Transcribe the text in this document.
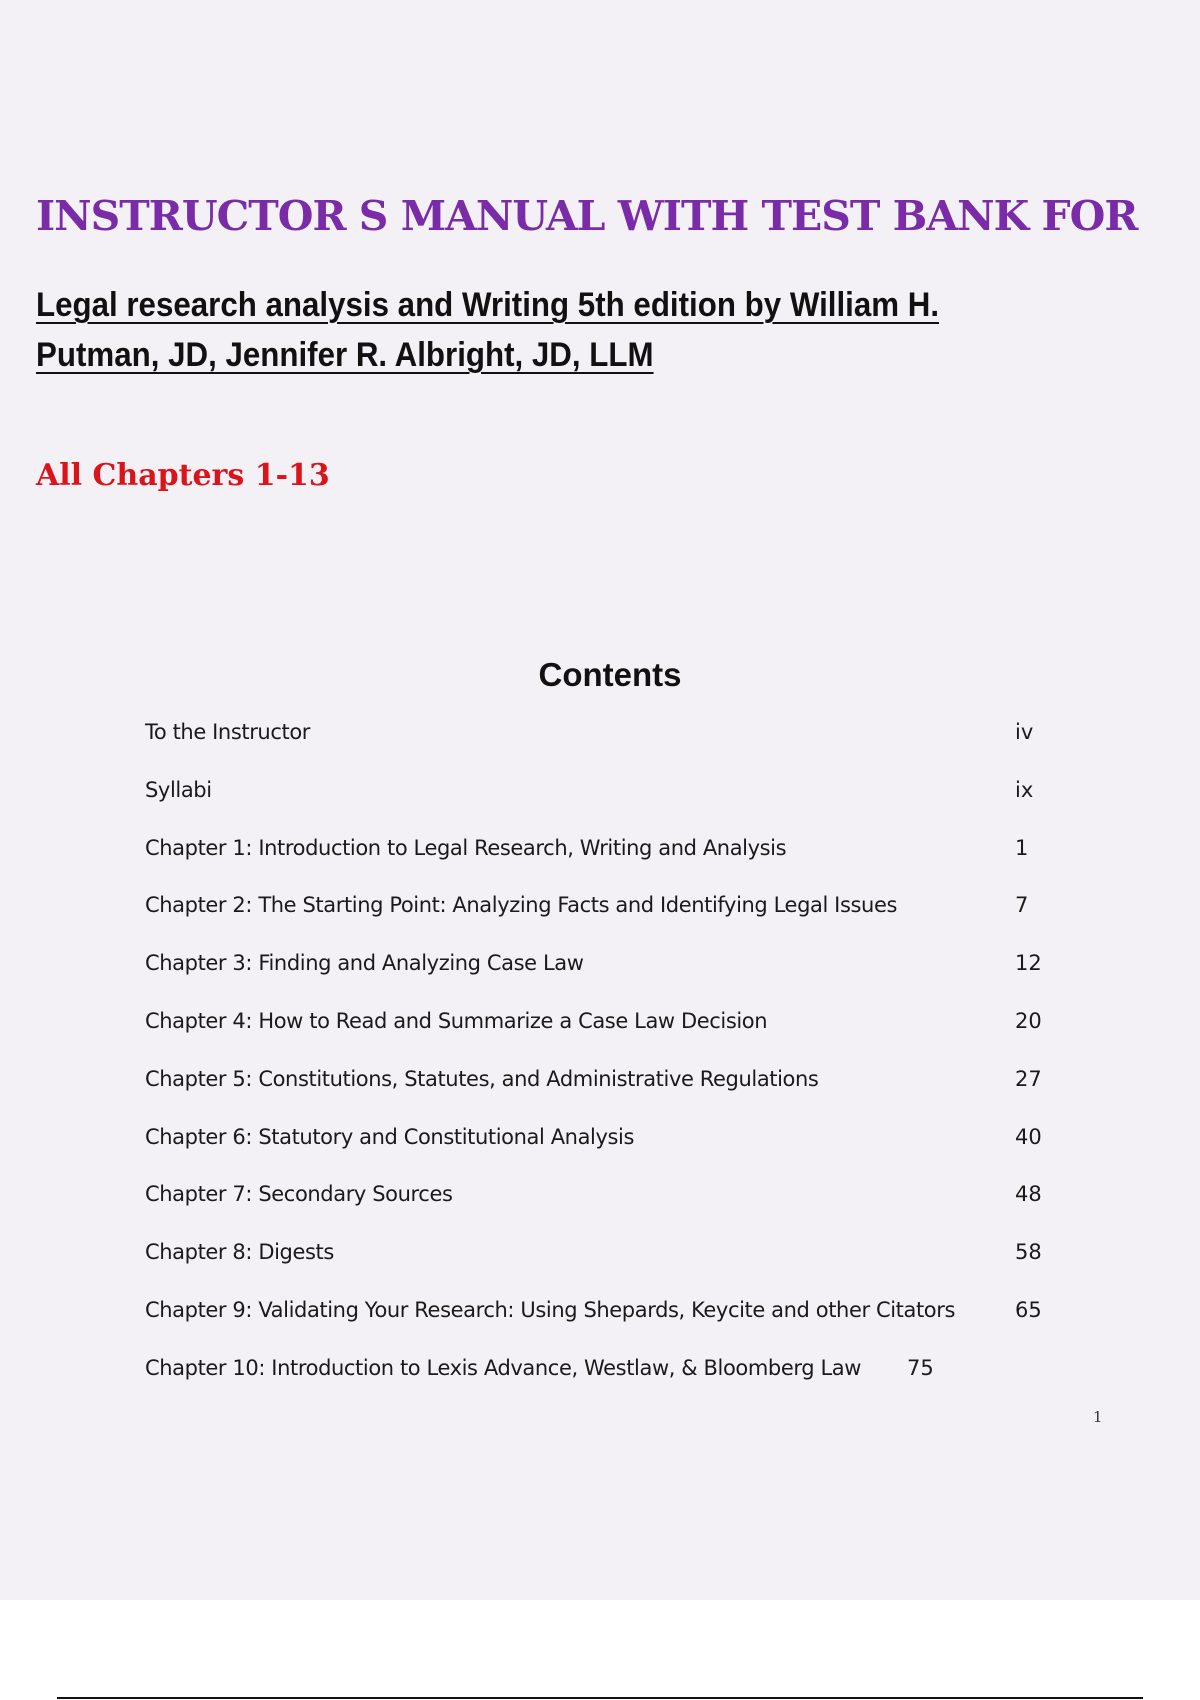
INSTRUCTOR S MANUAL WITH TEST BANK FOR
Legal research analysis and Writing 5th edition by William H. Putman, JD, Jennifer R. Albright, JD, LLM
All Chapters 1-13
Contents
To the Instructor	iv
Syllabi	ix
Chapter 1: Introduction to Legal Research, Writing and Analysis	1
Chapter 2: The Starting Point: Analyzing Facts and Identifying Legal Issues	7
Chapter 3: Finding and Analyzing Case Law	12
Chapter 4: How to Read and Summarize a Case Law Decision	20
Chapter 5: Constitutions, Statutes, and Administrative Regulations	27
Chapter 6: Statutory and Constitutional Analysis	40
Chapter 7: Secondary Sources	48
Chapter 8: Digests	58
Chapter 9: Validating Your Research: Using Shepards, Keycite and other Citators	65
Chapter 10: Introduction to Lexis Advance, Westlaw, & Bloomberg Law 75
1
